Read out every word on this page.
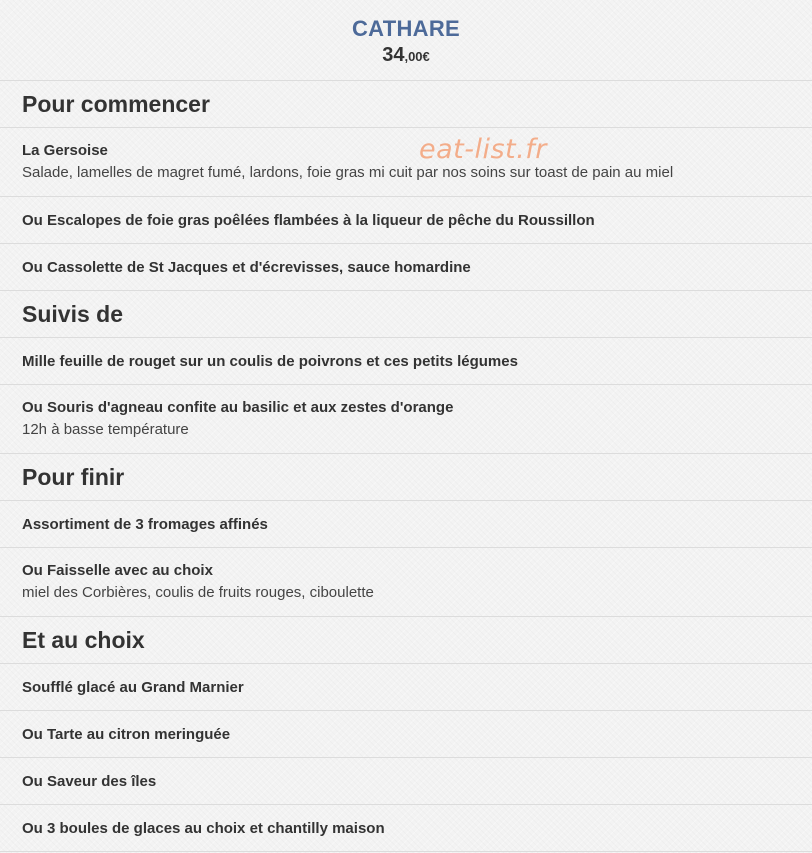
CATHARE
34,00€
Pour commencer
La Gersoise
Salade, lamelles de magret fumé, lardons, foie gras mi cuit par nos soins sur toast de pain au miel
Ou Escalopes de foie gras poêlées flambées à la liqueur de pêche du Roussillon
Ou Cassolette de St Jacques et d'écrevisses, sauce homardine
Suivis de
Mille feuille de rouget sur un coulis de poivrons et ces petits légumes
Ou Souris d'agneau confite au basilic et aux zestes d'orange
12h à basse température
Pour finir
Assortiment de 3 fromages affinés
Ou Faisselle avec au choix
miel des Corbières, coulis de fruits rouges, ciboulette
Et au choix
Soufflé glacé au Grand Marnier
Ou Tarte au citron meringuée
Ou Saveur des îles
Ou 3 boules de glaces au choix et chantilly maison
eat-list.fr
